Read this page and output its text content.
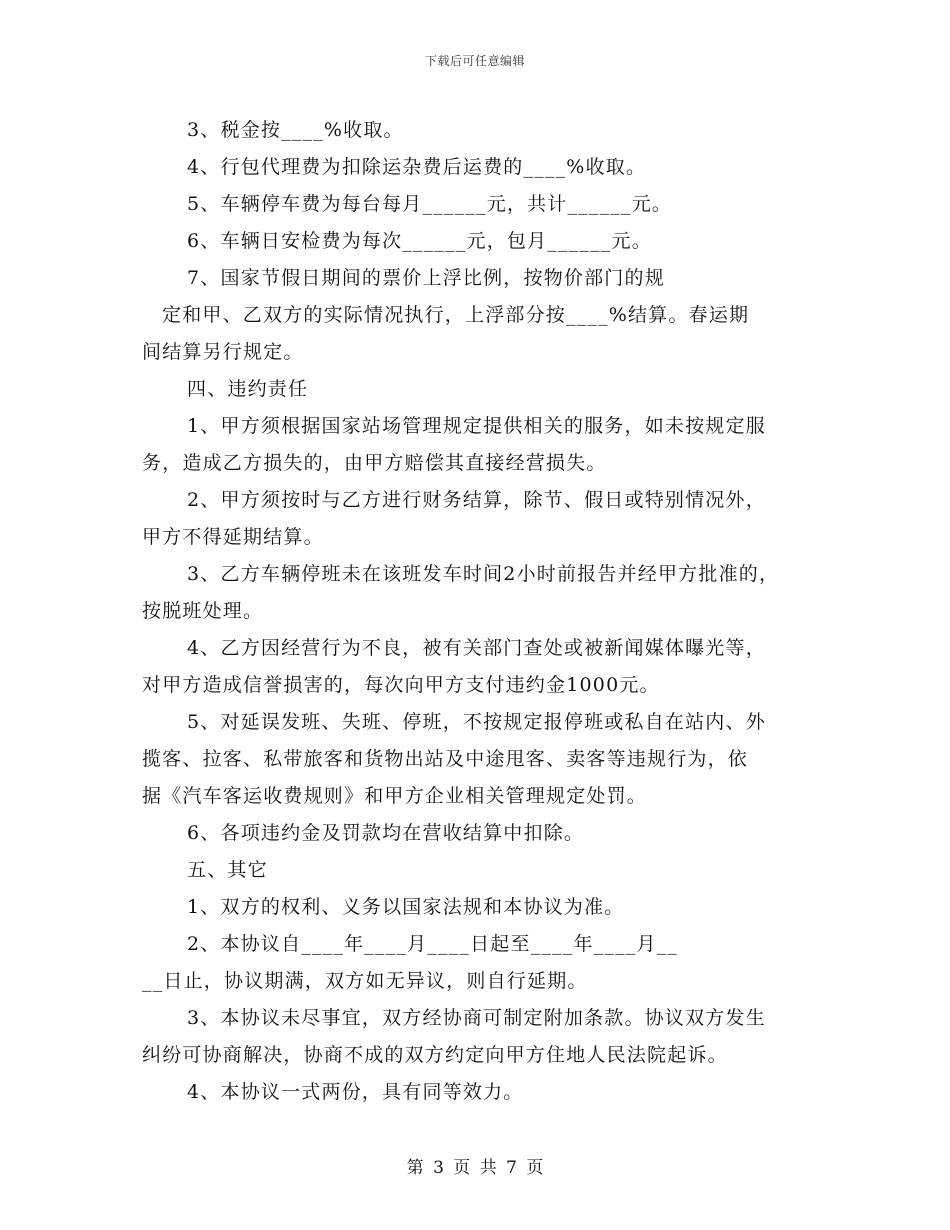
下载后可任意编辑
3、税金按____%收取。
4、行包代理费为扣除运杂费后运费的____%收取。
5、车辆停车费为每台每月______元，共计______元。
6、车辆日安检费为每次______元，包月______元。
7、国家节假日期间的票价上浮比例，按物价部门的规
定和甲、乙双方的实际情况执行，上浮部分按____%结算。春运期
间结算另行规定。
四、违约责任
1、甲方须根据国家站场管理规定提供相关的服务，如未按规定服
务，造成乙方损失的，由甲方赔偿其直接经营损失。
2、甲方须按时与乙方进行财务结算，除节、假日或特别情况外，
甲方不得延期结算。
3、乙方车辆停班未在该班发车时间2小时前报告并经甲方批准的，
按脱班处理。
4、乙方因经营行为不良，被有关部门查处或被新闻媒体曝光等，
对甲方造成信誉损害的，每次向甲方支付违约金1000元。
5、对延误发班、失班、停班，不按规定报停班或私自在站内、外
揽客、拉客、私带旅客和货物出站及中途甩客、卖客等违规行为，依
据《汽车客运收费规则》和甲方企业相关管理规定处罚。
6、各项违约金及罚款均在营收结算中扣除。
五、其它
1、双方的权利、义务以国家法规和本协议为准。
2、本协议自____年____月____日起至____年____月__
__日止，协议期满，双方如无异议，则自行延期。
3、本协议未尽事宜，双方经协商可制定附加条款。协议双方发生
纠纷可协商解决，协商不成的双方约定向甲方住地人民法院起诉。
4、本协议一式两份，具有同等效力。
第 3 页 共 7 页
